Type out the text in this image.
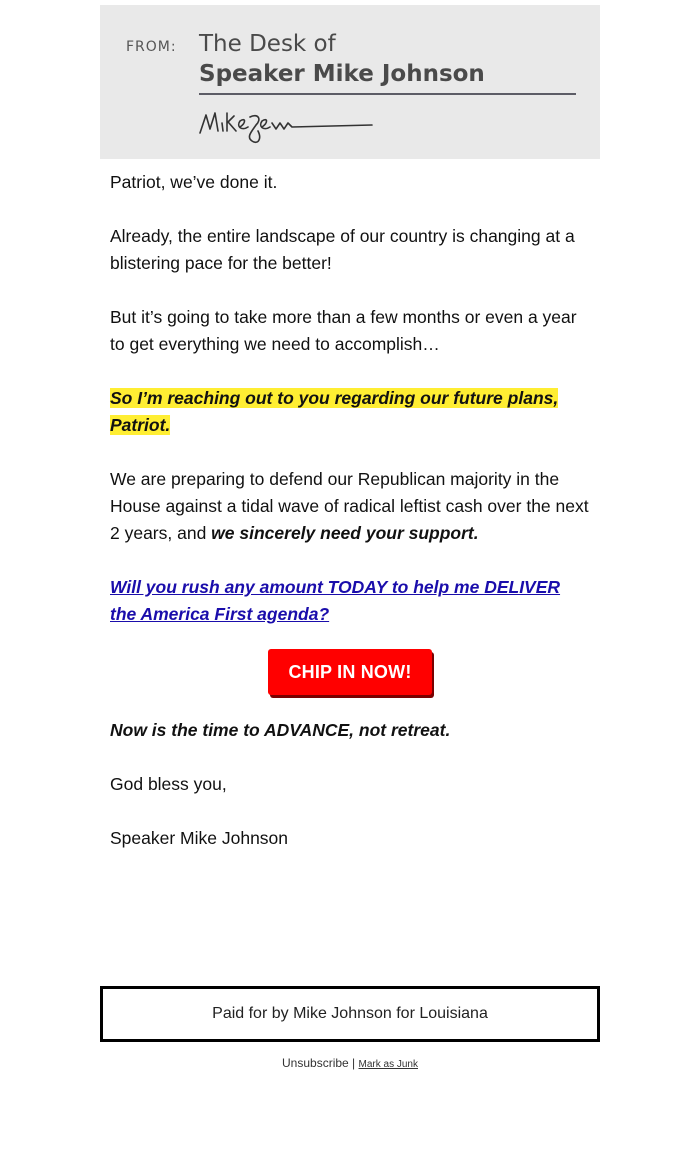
FROM: The Desk of
Speaker Mike Johnson

Patriot, we’ve done it.

Already, the entire landscape of our country is changing at a blistering pace for the better!

But it’s going to take more than a few months or even a year to get everything we need to accomplish…

So I’m reaching out to you regarding our future plans, Patriot.

We are preparing to defend our Republican majority in the House against a tidal wave of radical leftist cash over the next 2 years, and we sincerely need your support.

Will you rush any amount TODAY to help me DELIVER the America First agenda?

CHIP IN NOW!

Now is the time to ADVANCE, not retreat.

God bless you,

Speaker Mike Johnson

Paid for by Mike Johnson for Louisiana
Unsubscribe | Mark as Junk
